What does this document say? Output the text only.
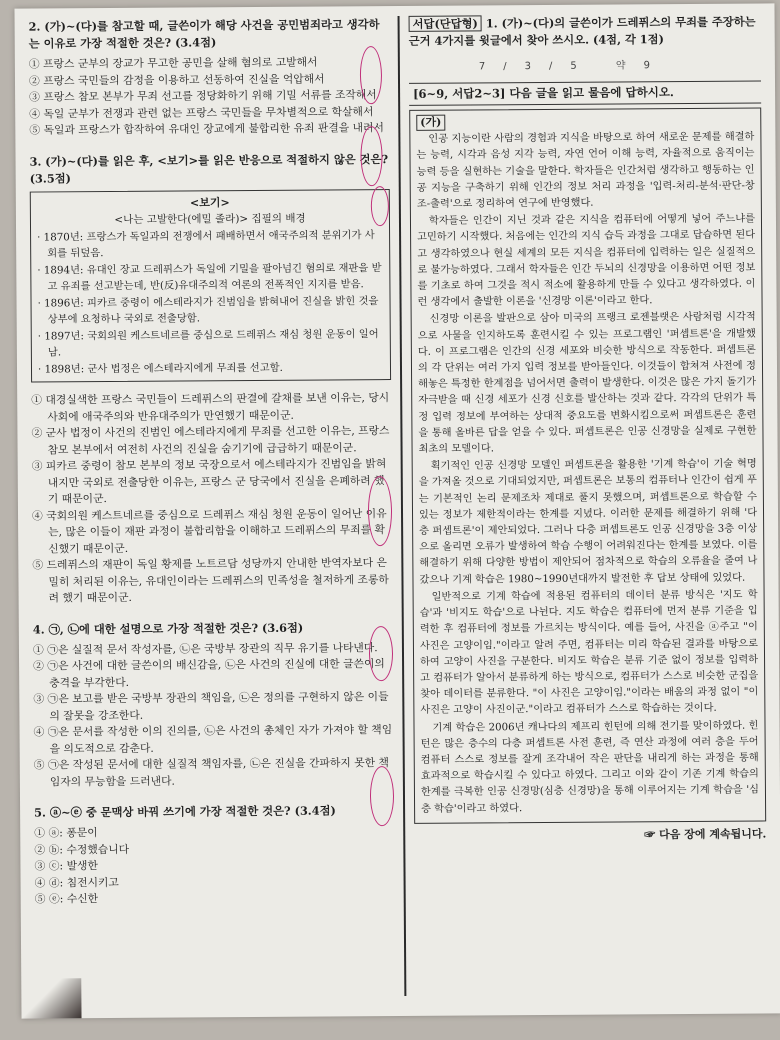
2. (가)~(다)를 참고할 때, 글쓴이가 해당 사건을 공민범죄라고 생각하는 이유로 가장 적절한 것은? (3.4점)
① 프랑스 군부의 장교가 무고한 공민을 살해 혐의로 고발해서
② 프랑스 국민들의 감정을 이용하고 선동하여 진실을 억압해서
③ 프랑스 참모 본부가 무죄 선고를 정당화하기 위해 기밀 서류를 조작해서
④ 독일 군부가 전쟁과 관련 없는 프랑스 국민들을 무차별적으로 학살해서
⑤ 독일과 프랑스가 합작하여 유대인 장교에게 불합리한 유죄 판결을 내려서
3. (가)~(다)를 읽은 후, <보기>를 읽은 반응으로 적절하지 않은 것은? (3.5점)
<보기>
<나는 고발한다(에밀 졸라)> 집필의 배경
· 1870년: 프랑스가 독일과의 전쟁에서 패배하면서 애국주의적 분위기가 사회를 뒤덮음.
· 1894년: 유대인 장교 드레퓌스가 독일에 기밀을 팔아넘긴 혐의로 재판을 받고 유죄를 선고받는데, 반(反)유대주의적 여론의 전폭적인 지지를 받음.
· 1896년: 피카르 중령이 에스테라지가 진범임을 밝혀내어 진실을 밝힌 것을 상부에 요청하나 국외로 전출당함.
· 1897년: 국회의원 케스트네르를 중심으로 드레퓌스 재심 청원 운동이 일어남.
· 1898년: 군사 법정은 에스테라지에게 무죄를 선고함.
① 대경실색한 프랑스 국민들이 드레퓌스의 판결에 갈채를 보낸 이유는, 당시 사회에 애국주의와 반유대주의가 만연했기 때문이군.
② 군사 법정이 사건의 진범인 에스테라지에게 무죄를 선고한 이유는, 프랑스 참모 본부에서 여전히 사건의 진실을 숨기기에 급급하기 때문이군.
③ 피카르 중령이 참모 본부의 정보 국장으로서 에스테라지가 진범임을 밝혀내지만 국외로 전출당한 이유는, 프랑스 군 당국에서 진실을 은폐하려 했기 때문이군.
④ 국회의원 케스트네르를 중심으로 드레퓌스 재심 청원 운동이 일어난 이유는, 많은 이들이 재판 과정이 불합리함을 이해하고 드레퓌스의 무죄를 확신했기 때문이군.
⑤ 드레퓌스의 재판이 독일 황제를 노트르담 성당까지 안내한 반역자보다 은밀히 처리된 이유는, 유대인이라는 드레퓌스의 민족성을 철저하게 조롱하려 했기 때문이군.
4. ㉠, ㉡에 대한 설명으로 가장 적절한 것은? (3.6점)
① ㉠은 실질적 문서 작성자를, ㉡은 국방부 장관의 직무 유기를 나타낸다.
② ㉠은 사건에 대한 글쓴이의 배신감을, ㉡은 사건의 진실에 대한 글쓴이의 충격을 부각한다.
③ ㉠은 보고를 받은 국방부 장관의 책임을, ㉡은 정의를 구현하지 않은 이들의 잘못을 강조한다.
④ ㉠은 문서를 작성한 이의 진의를, ㉡은 사건의 총체인 자가 가져야 할 책임을 의도적으로 감춘다.
⑤ ㉠은 작성된 문서에 대한 실질적 책임자를, ㉡은 진실을 간파하지 못한 책임자의 무능함을 드러낸다.
5. ⓐ~ⓔ 중 문맥상 바꿔 쓰기에 가장 적절한 것은? (3.4점)
① ⓐ: 퐁문이
② ⓑ: 수정했습니다
③ ⓒ: 발생한
④ ⓓ: 침전시키고
⑤ ⓔ: 수신한
서답(단답형) 1. (가)~(다)의 글쓴이가 드레퓌스의 무죄를 주장하는 근거 4가지를 윗글에서 찾아 쓰시오. (4점, 각 1점)
7/3/5 약9
[6~9, 서답2~3] 다음 글을 읽고 물음에 답하시오.
(가)

인공 지능이란 사람의 경험과 지식을 바탕으로 하여 새로운 문제를 해결하는 능력, 시각과 음성 지각 능력, 자연 언어 이해 능력, 자율적으로 움직이는 능력 등을 실현하는 기술을 말한다. 학자들은 인간처럼 생각하고 행동하는 인공 지능을 구축하기 위해 인간의 정보 처리 과정을 '입력-처리-분석·판단-창조-출력'으로 정리하여 연구에 반영했다.

학자들은 인간이 지닌 것과 같은 지식을 컴퓨터에 어떻게 넣어 주느냐를 고민하기 시작했다. 처음에는 인간의 지식 습득 과정을 그대로 답습하면 된다고 생각하였으나 현실 세계의 모든 지식을 컴퓨터에 입력하는 일은 실질적으로 불가능하였다. 그래서 학자들은 인간 두뇌의 신경망을 이용하면 어떤 정보를 기초로 하여 그것을 적시 적소에 활용하게 만들 수 있다고 생각하였다. 이런 생각에서 출발한 이론을 '신경망 이론'이라고 한다.

신경망 이론을 발판으로 삼아 미국의 프랭크 로젠블랫은 사람처럼 시각적으로 사물을 인지하도록 훈련시킬 수 있는 프로그램인 '퍼셉트론'을 개발했다. 이 프로그램은 인간의 신경 세포와 비슷한 방식으로 작동한다. 퍼셉트론의 각 단위는 여러 가지 입력 정보를 받아들인다. 이것들이 합쳐져 사전에 정해놓은 특정한 한계점을 넘어서면 출력이 발생한다. 이것은 많은 가지 돌기가 자극받을 때 신경 세포가 신경 신호를 발산하는 것과 같다. 각각의 단위가 특정 입력 정보에 부여하는 상대적 중요도를 변화시킴으로써 퍼셉트론은 훈련을 통해 올바른 답을 얻을 수 있다. 퍼셉트론은 인공 신경망을 실제로 구현한 최초의 모델이다.

획기적인 인공 신경망 모델인 퍼셉트론을 활용한 '기계 학습'이 기술 혁명을 가져올 것으로 기대되었지만, 퍼셉트론은 보통의 컴퓨터나 인간이 쉽게 푸는 기본적인 논리 문제조차 제대로 풀지 못했으며, 퍼셉트론으로 학습할 수 있는 정보가 제한적이라는 한계를 지녔다. 이러한 문제를 해결하기 위해 '다층 퍼셉트론'이 제안되었다. 그러나 다층 퍼셉트론도 인공 신경망을 3층 이상으로 올리면 오류가 발생하여 학습 수행이 어려워진다는 한계를 보였다. 이를 해결하기 위해 다양한 방법이 제안되어 점차적으로 학습의 오류율을 줄여 나갔으나 기계 학습은 1980~1990년대까지 발전한 후 답보 상태에 있었다.

일반적으로 기계 학습에 적용된 컴퓨터의 데이터 분류 방식은 '지도 학습'과 '비지도 학습'으로 나뉜다. 지도 학습은 컴퓨터에 먼저 분류 기준을 입력한 후 컴퓨터에 정보를 가르치는 방식이다. 예를 들어, 사진을 ⓐ주고 "이 사진은 고양이임."이라고 알려 주면, 컴퓨터는 미리 학습된 결과를 바탕으로 하여 고양이 사진을 구분한다. 비지도 학습은 분류 기준 없이 정보를 입력하고 컴퓨터가 알아서 분류하게 하는 방식으로, 컴퓨터가 스스로 비슷한 군집을 찾아 데이터를 분류한다. "이 사진은 고양이임."이라는 배움의 과정 없이 "이 사진은 고양이 사진이군."이라고 컴퓨터가 스스로 학습하는 것이다.

기계 학습은 2006년 캐나다의 제프리 힌턴에 의해 전기를 맞이하였다. 힌턴은 많은 층수의 다층 퍼셉트론 사전 훈련, 즉 연산 과정에 여러 층을 두어 컴퓨터 스스로 정보를 잘게 조각내어 작은 판단을 내리게 하는 과정을 통해 효과적으로 학습시킬 수 있다고 하였다. 그리고 이와 같이 기존 기계 학습의 한계를 극복한 인공 신경망(심층 신경망)을 통해 이루어지는 기계 학습을 '심층 학습'이라고 하였다.

☞ 다음 장에 계속됩니다.
